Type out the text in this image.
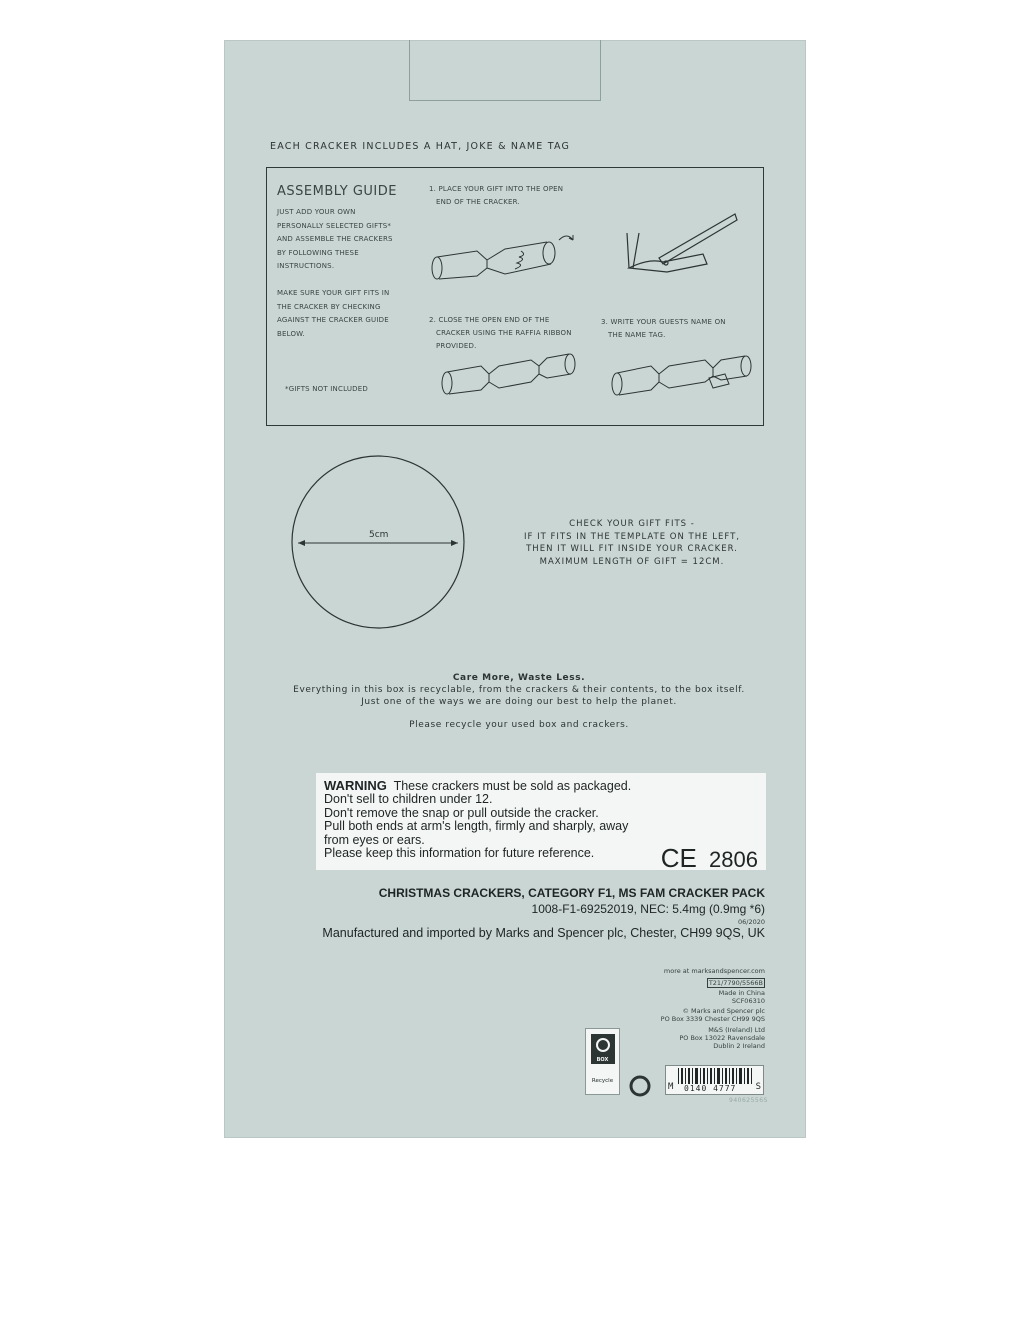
EACH CRACKER INCLUDES A HAT, JOKE & NAME TAG
ASSEMBLY GUIDE
JUST ADD YOUR OWN
PERSONALLY SELECTED GIFTS*
AND ASSEMBLE THE CRACKERS
BY FOLLOWING THESE
INSTRUCTIONS.
MAKE SURE YOUR GIFT FITS IN
THE CRACKER BY CHECKING
AGAINST THE CRACKER GUIDE
BELOW.
*GIFTS NOT INCLUDED
1. PLACE YOUR GIFT INTO THE OPEN
END OF THE CRACKER.
2. CLOSE THE OPEN END OF THE
CRACKER USING THE RAFFIA RIBBON
PROVIDED.
3. WRITE YOUR GUESTS NAME ON
THE NAME TAG.
5cm
CHECK YOUR GIFT FITS -
IF IT FITS IN THE TEMPLATE ON THE LEFT,
THEN IT WILL FIT INSIDE YOUR CRACKER.
MAXIMUM LENGTH OF GIFT = 12CM.
Care More, Waste Less.
Everything in this box is recyclable, from the crackers & their contents, to the box itself.
Just one of the ways we are doing our best to help the planet.
Please recycle your used box and crackers.
WARNING These crackers must be sold as packaged.
Don't sell to children under 12.
Don't remove the snap or pull outside the cracker.
Pull both ends at arm's length, firmly and sharply, away
from eyes or ears.
Please keep this information for future reference.	CE 2806
CHRISTMAS CRACKERS, CATEGORY F1, MS FAM CRACKER PACK
1008-F1-69252019, NEC: 5.4mg (0.9mg *6)
06/2020
Manufactured and imported by Marks and Spencer plc, Chester, CH99 9QS, UK
more at marksandspencer.com
T21/7790/5566B
Made in China
SCF06310
© Marks and Spencer plc
PO Box 3339 Chester CH99 9QS
M&S (Ireland) Ltd
PO Box 13022 Ravensdale
Dublin 2 Ireland
BOX
Recycle
M 0140 4777 S
94062556S
